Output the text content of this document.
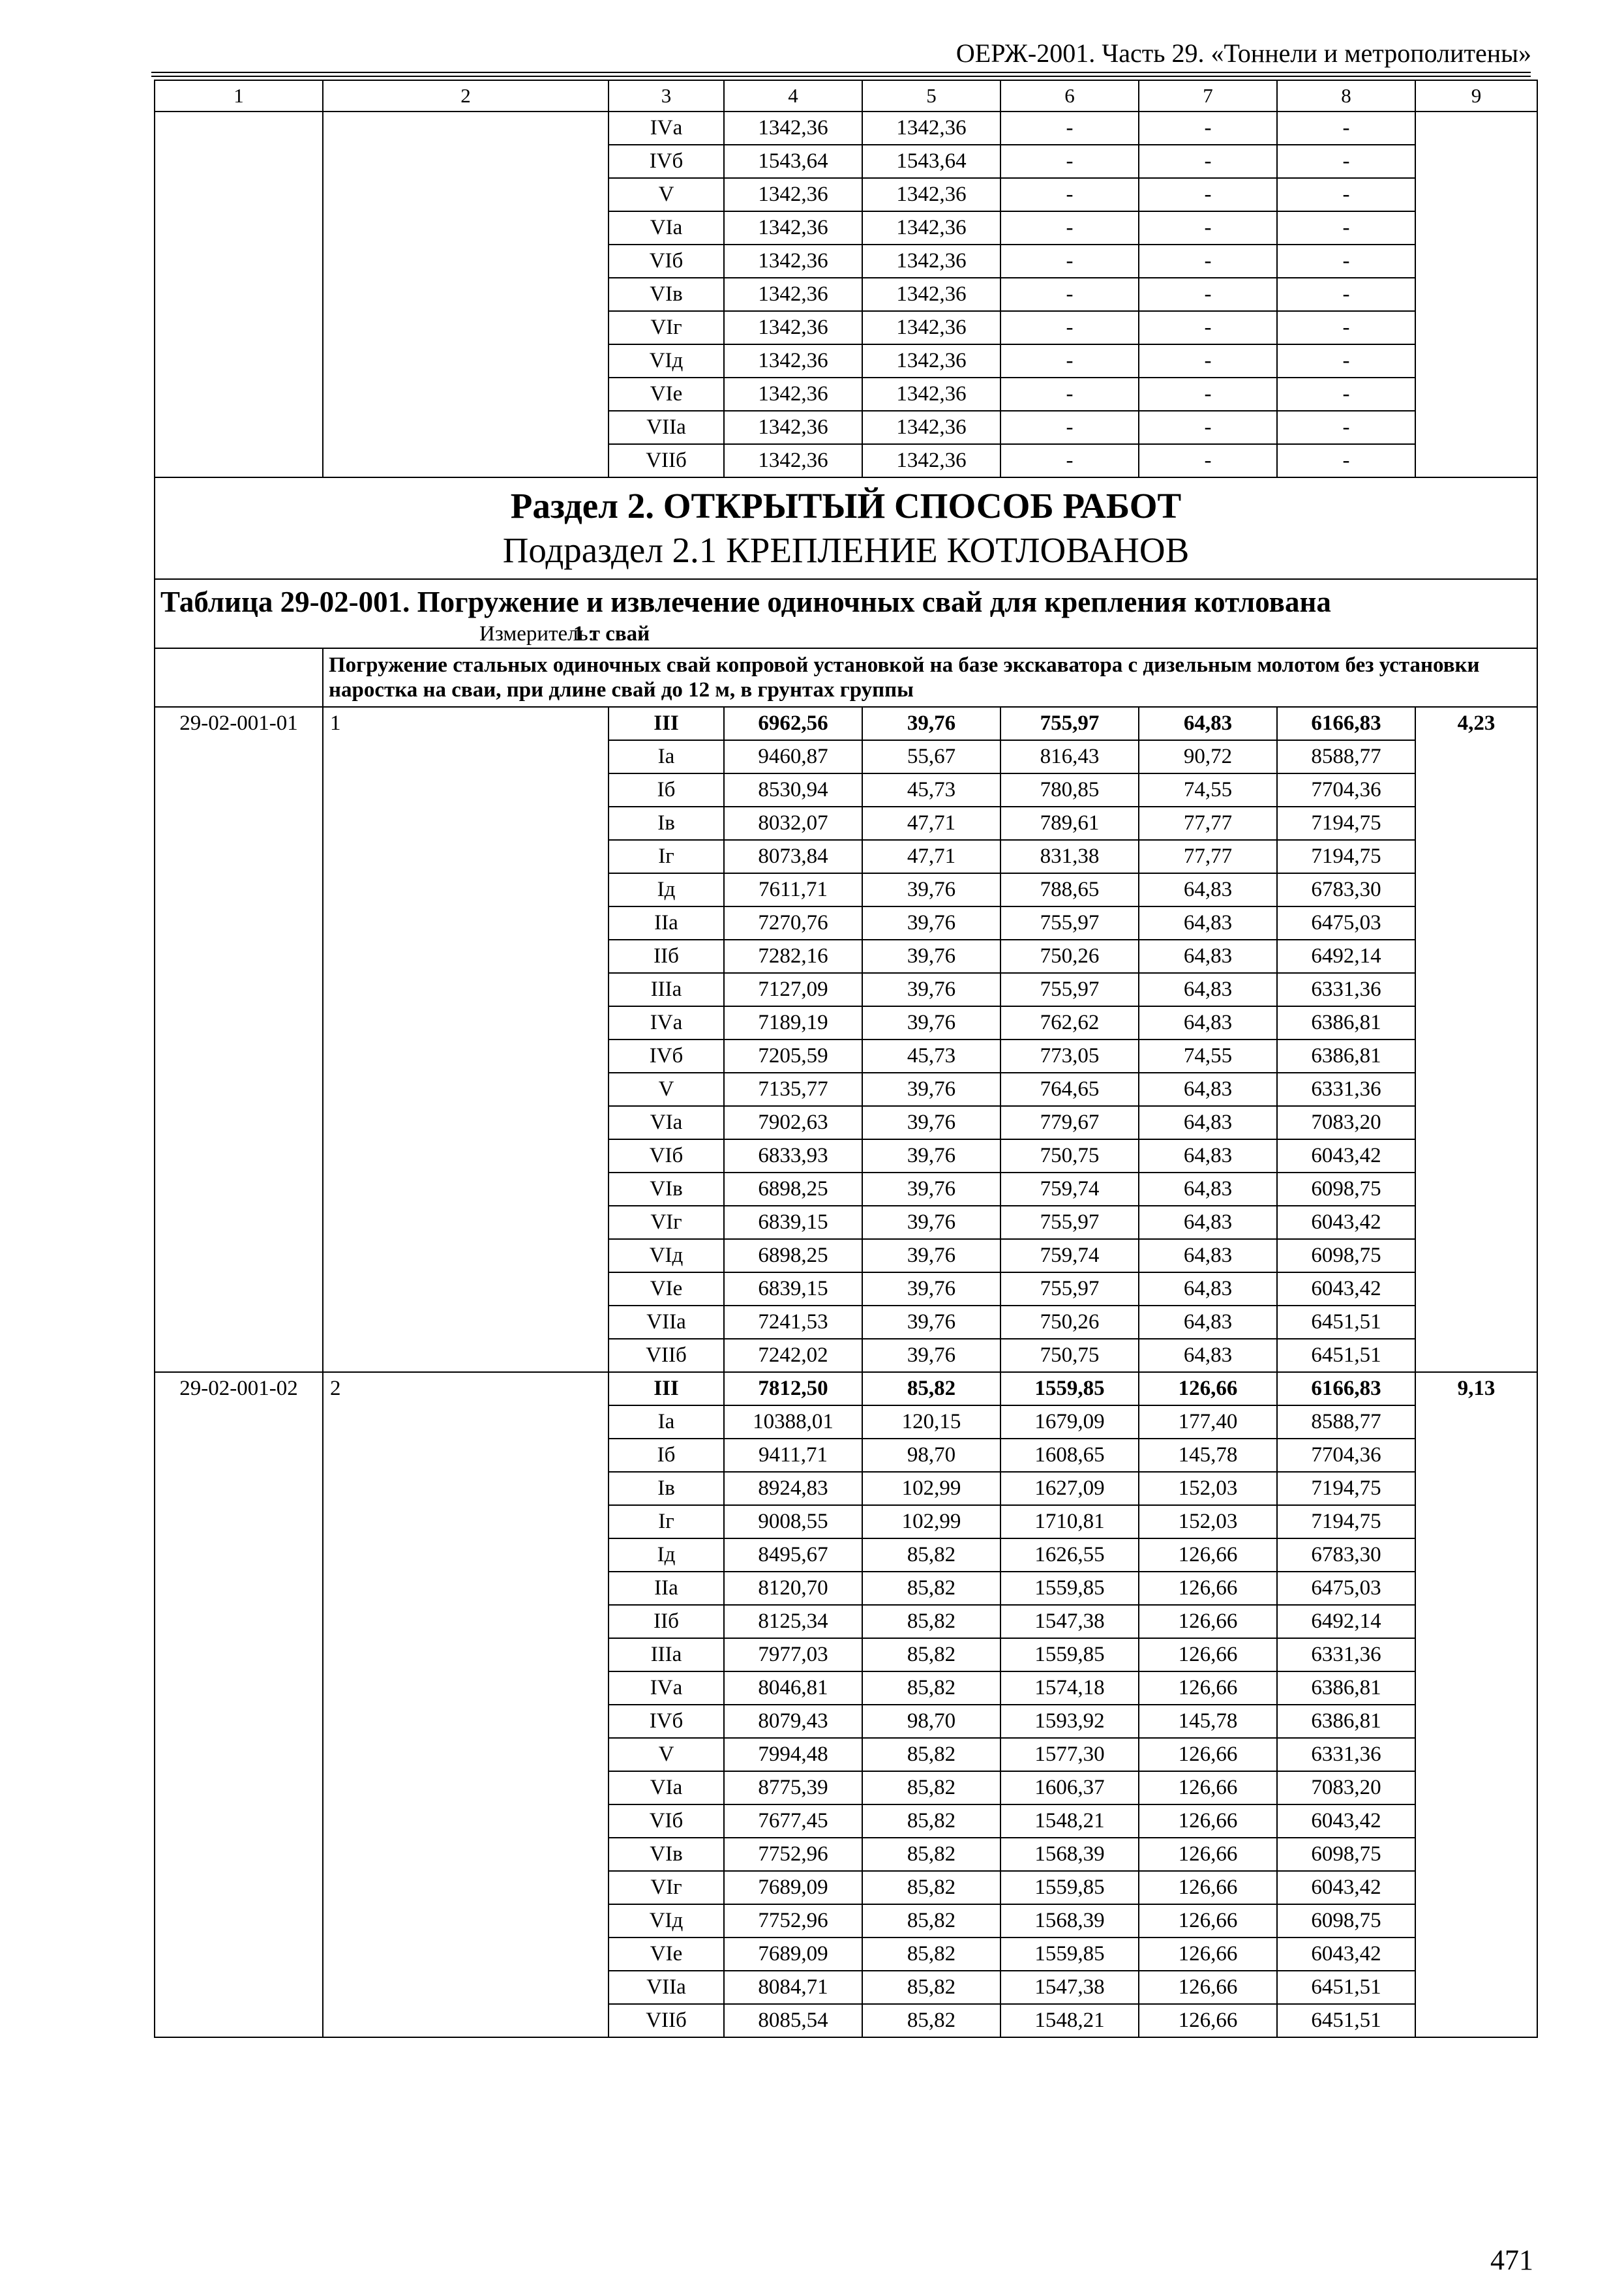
ОЕРЖ-2001. Часть 29. «Тоннели и метрополитены»
1	2	3	4	5	6	7	8	9
		IVа	1342,36	1342,36	-	-	-	
		IVб	1543,64	1543,64	-	-	-	
		V	1342,36	1342,36	-	-	-	
		VIа	1342,36	1342,36	-	-	-	
		VIб	1342,36	1342,36	-	-	-	
		VIв	1342,36	1342,36	-	-	-	
		VIг	1342,36	1342,36	-	-	-	
		VIд	1342,36	1342,36	-	-	-	
		VIе	1342,36	1342,36	-	-	-	
		VIIа	1342,36	1342,36	-	-	-	
		VIIб	1342,36	1342,36	-	-	-	

Раздел 2. ОТКРЫТЫЙ СПОСОБ РАБОТ
Подраздел 2.1 КРЕПЛЕНИЕ КОТЛОВАНОВ								

Таблица 29-02-001. Погружение и извлечение одиночных свай для крепления котлована
Измеритель:1 т свай								

	Погружение стальных одиночных свай копровой установкой на базе экскаватора с дизельным молотом без установки наростка на сваи, при длине свай до 12 м, в грунтах группы							
29-02-001-01	1	III	6962,56	39,76	755,97	64,83	6166,83	4,23
		Iа	9460,87	55,67	816,43	90,72	8588,77	
		Iб	8530,94	45,73	780,85	74,55	7704,36	
		Iв	8032,07	47,71	789,61	77,77	7194,75	
		Iг	8073,84	47,71	831,38	77,77	7194,75	
		Iд	7611,71	39,76	788,65	64,83	6783,30	
		IIа	7270,76	39,76	755,97	64,83	6475,03	
		IIб	7282,16	39,76	750,26	64,83	6492,14	
		IIIа	7127,09	39,76	755,97	64,83	6331,36	
		IVа	7189,19	39,76	762,62	64,83	6386,81	
		IVб	7205,59	45,73	773,05	74,55	6386,81	
		V	7135,77	39,76	764,65	64,83	6331,36	
		VIа	7902,63	39,76	779,67	64,83	7083,20	
		VIб	6833,93	39,76	750,75	64,83	6043,42	
		VIв	6898,25	39,76	759,74	64,83	6098,75	
		VIг	6839,15	39,76	755,97	64,83	6043,42	
		VIд	6898,25	39,76	759,74	64,83	6098,75	
		VIе	6839,15	39,76	755,97	64,83	6043,42	
		VIIа	7241,53	39,76	750,26	64,83	6451,51	
		VIIб	7242,02	39,76	750,75	64,83	6451,51	
29-02-001-02	2	III	7812,50	85,82	1559,85	126,66	6166,83	9,13
		Iа	10388,01	120,15	1679,09	177,40	8588,77	
		Iб	9411,71	98,70	1608,65	145,78	7704,36	
		Iв	8924,83	102,99	1627,09	152,03	7194,75	
		Iг	9008,55	102,99	1710,81	152,03	7194,75	
		Iд	8495,67	85,82	1626,55	126,66	6783,30	
		IIа	8120,70	85,82	1559,85	126,66	6475,03	
		IIб	8125,34	85,82	1547,38	126,66	6492,14	
		IIIа	7977,03	85,82	1559,85	126,66	6331,36	
		IVа	8046,81	85,82	1574,18	126,66	6386,81	
		IVб	8079,43	98,70	1593,92	145,78	6386,81	
		V	7994,48	85,82	1577,30	126,66	6331,36	
		VIа	8775,39	85,82	1606,37	126,66	7083,20	
		VIб	7677,45	85,82	1548,21	126,66	6043,42	
		VIв	7752,96	85,82	1568,39	126,66	6098,75	
		VIг	7689,09	85,82	1559,85	126,66	6043,42	
		VIд	7752,96	85,82	1568,39	126,66	6098,75	
		VIе	7689,09	85,82	1559,85	126,66	6043,42	
		VIIа	8084,71	85,82	1547,38	126,66	6451,51	
		VIIб	8085,54	85,82	1548,21	126,66	6451,51	
471
